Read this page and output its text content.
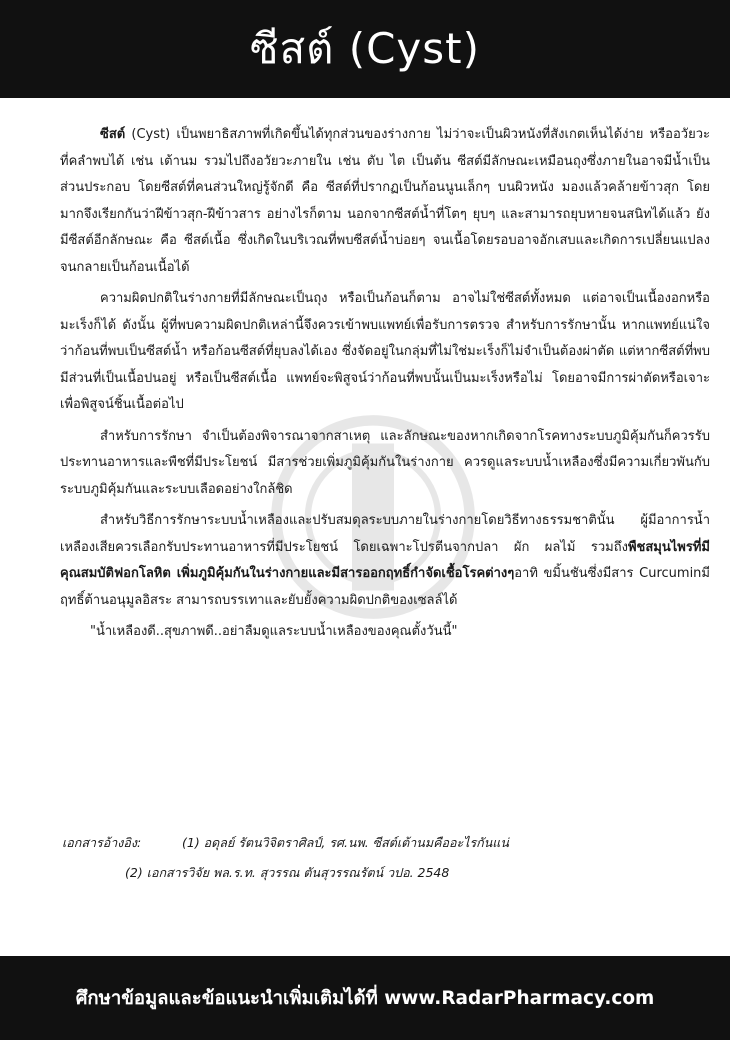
ซีสต์ (Cyst)

ซีสต์ (Cyst) เป็นพยาธิสภาพที่เกิดขึ้นได้ทุกส่วนของร่างกาย ไม่ว่าจะเป็นผิวหนังที่สังเกตเห็นได้ง่าย หรืออวัยวะที่คลำพบได้ เช่น เต้านม รวมไปถึงอวัยวะภายใน เช่น ตับ ไต เป็นต้น ซีสต์มีลักษณะเหมือนถุงซึ่งภายในอาจมีน้ำเป็นส่วนประกอบ โดยซีสต์ที่คนส่วนใหญ่รู้จักดี คือ ซีสต์ที่ปรากฏเป็นก้อนนูนเล็กๆ บนผิวหนัง มองแล้วคล้ายข้าวสุก โดยมากจึงเรียกกันว่าฝีข้าวสุก-ฝีข้าวสาร อย่างไรก็ตาม นอกจากซีสต์น้ำที่โตๆ ยุบๆ และสามารถยุบหายจนสนิทได้แล้ว ยังมีซีสต์อีกลักษณะ คือ ซีสต์เนื้อ ซึ่งเกิดในบริเวณที่พบซีสต์น้ำบ่อยๆ จนเนื้อโดยรอบอาจอักเสบและเกิดการเปลี่ยนแปลงจนกลายเป็นก้อนเนื้อได้

ความผิดปกติในร่างกายที่มีลักษณะเป็นถุง หรือเป็นก้อนก็ตาม อาจไม่ใช่ซีสต์ทั้งหมด แต่อาจเป็นเนื้องอกหรือมะเร็งก็ได้ ดังนั้น ผู้ที่พบความผิดปกติเหล่านี้จึงควรเข้าพบแพทย์เพื่อรับการตรวจ สำหรับการรักษานั้น หากแพทย์แน่ใจว่าก้อนที่พบเป็นซีสต์น้ำ หรือก้อนซีสต์ที่ยุบลงได้เอง ซึ่งจัดอยู่ในกลุ่มที่ไม่ใช่มะเร็งก็ไม่จำเป็นต้องผ่าตัด แต่หากซีสต์ที่พบมีส่วนที่เป็นเนื้อปนอยู่ หรือเป็นซีสต์เนื้อ แพทย์จะพิสูจน์ว่าก้อนที่พบนั้นเป็นมะเร็งหรือไม่ โดยอาจมีการผ่าตัดหรือเจาะเพื่อพิสูจน์ชิ้นเนื้อต่อไป

สำหรับการรักษา จำเป็นต้องพิจารณาจากสาเหตุ และลักษณะของหากเกิดจากโรคทางระบบภูมิคุ้มกันก็ควรรับประทานอาหารและพืชที่มีประโยชน์ มีสารช่วยเพิ่มภูมิคุ้มกันในร่างกาย ควรดูแลระบบน้ำเหลืองซึ่งมีความเกี่ยวพันกับระบบภูมิคุ้มกันและระบบเลือดอย่างใกล้ชิด

สำหรับวิธีการรักษาระบบน้ำเหลืองและปรับสมดุลระบบภายในร่างกายโดยวิธีทางธรรมชาตินั้น ผู้มีอาการน้ำเหลืองเสียควรเลือกรับประทานอาหารที่มีประโยชน์ โดยเฉพาะโปรตีนจากปลา ผัก ผลไม้ รวมถึงพืชสมุนไพรที่มีคุณสมบัติฟอกโลหิต เพิ่มภูมิคุ้มกันในร่างกายและมีสารออกฤทธิ์กำจัดเชื้อโรคต่างๆอาทิ ขมิ้นชันซึ่งมีสาร Curcuminมีฤทธิ์ต้านอนุมูลอิสระ สามารถบรรเทาและยับยั้งความผิดปกติของเซลล์ได้

"น้ำเหลืองดี..สุขภาพดี..อย่าลืมดูแลระบบน้ำเหลืองของคุณตั้งวันนี้"

เอกสารอ้างอิง:	(1) อดุลย์ รัตนวิจิตราศิลป์, รศ.นพ. ซีสต์เต้านมคืออะไรกันแน่
(2) เอกสารวิจัย พล.ร.ท. สุวรรณ ตันสุวรรณรัตน์ วปอ. 2548
ศึกษาข้อมูลและข้อแนะนำเพิ่มเติมได้ที่ www.RadarPharmacy.com
